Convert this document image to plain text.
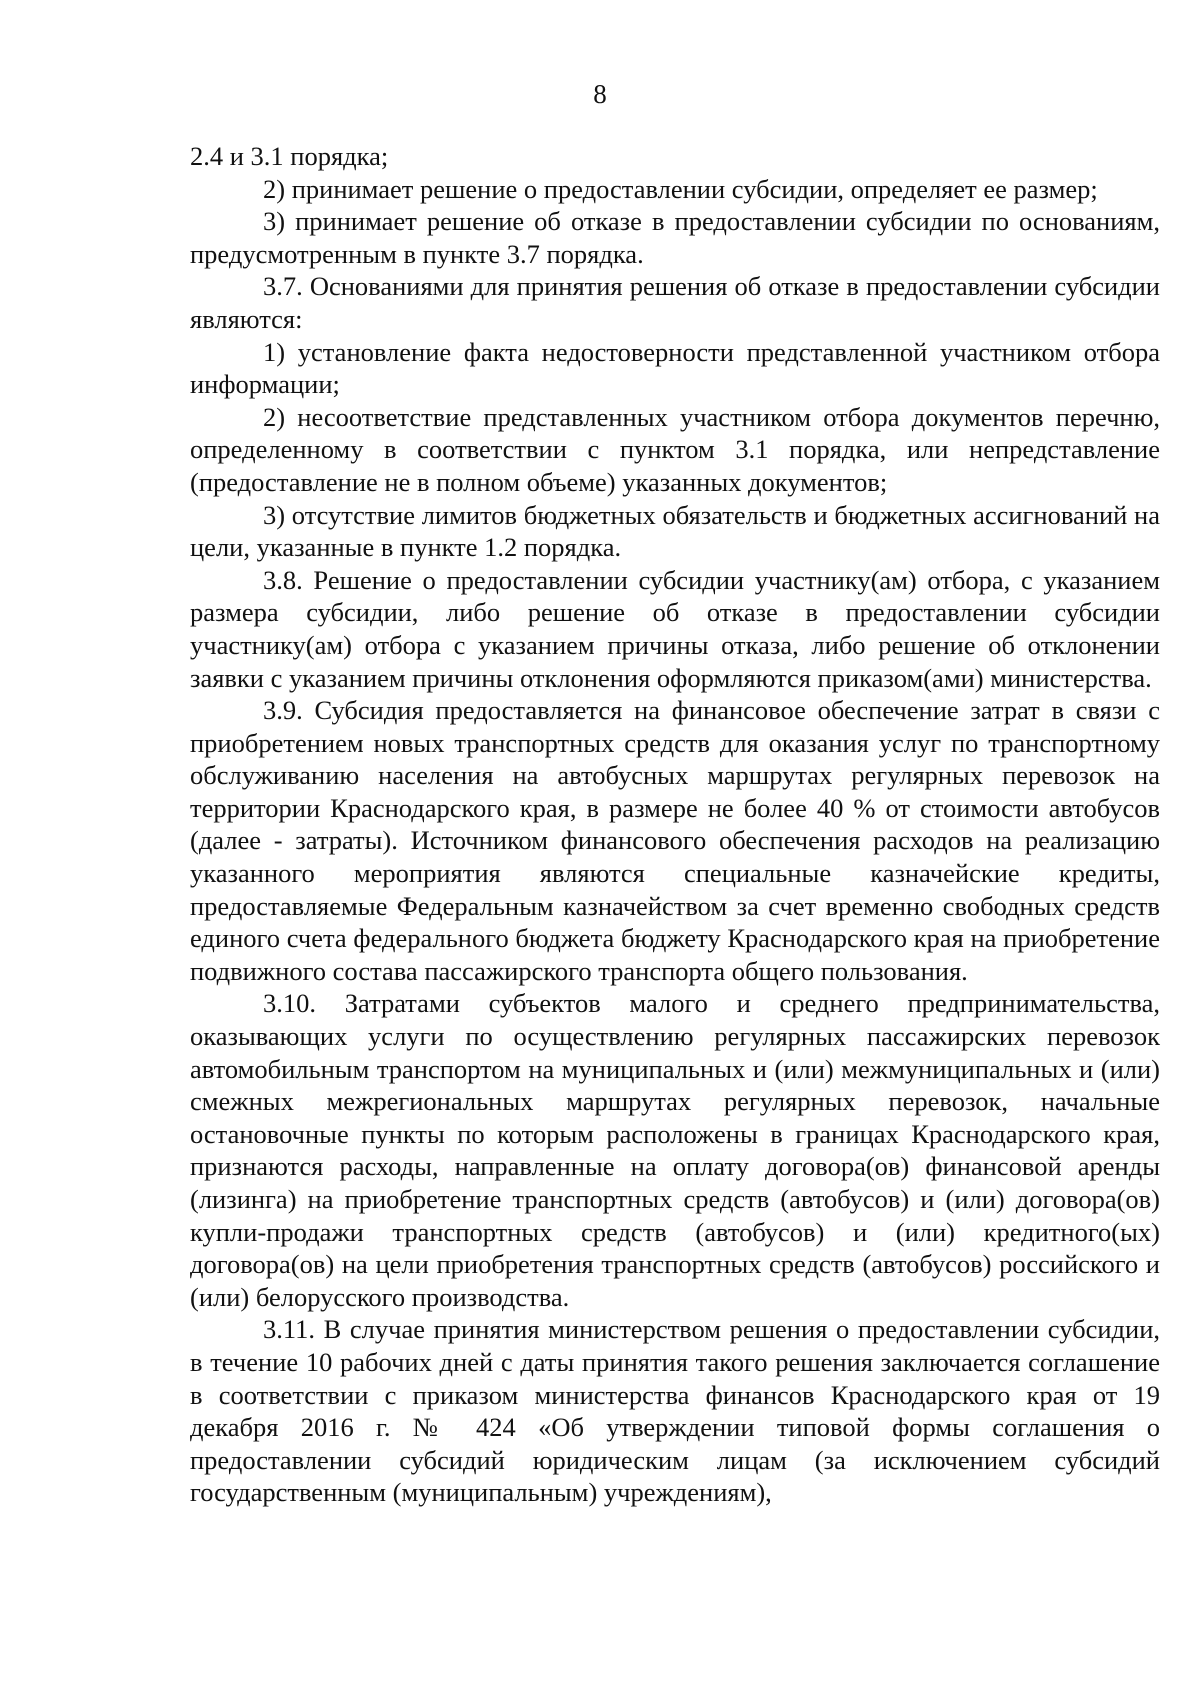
8

2.4 и 3.1 порядка;

2) принимает решение о предоставлении субсидии, определяет ее размер;

3) принимает решение об отказе в предоставлении субсидии по основаниям, предусмотренным в пункте 3.7 порядка.

3.7. Основаниями для принятия решения об отказе в предоставлении субсидии являются:

1) установление факта недостоверности представленной участником отбора информации;

2) несоответствие представленных участником отбора документов перечню, определенному в соответствии с пунктом 3.1 порядка, или непредставление (предоставление не в полном объеме) указанных документов;

3) отсутствие лимитов бюджетных обязательств и бюджетных ассигнований на цели, указанные в пункте 1.2 порядка.

3.8. Решение о предоставлении субсидии участнику(ам) отбора, с указанием размера субсидии, либо решение об отказе в предоставлении субсидии участнику(ам) отбора с указанием причины отказа, либо решение об отклонении заявки с указанием причины отклонения оформляются приказом(ами) министерства.

3.9. Субсидия предоставляется на финансовое обеспечение затрат в связи с приобретением новых транспортных средств для оказания услуг по транспортному обслуживанию населения на автобусных маршрутах регулярных перевозок на территории Краснодарского края, в размере не более 40 % от стоимости автобусов (далее - затраты). Источником финансового обеспечения расходов на реализацию указанного мероприятия являются специальные казначейские кредиты, предоставляемые Федеральным казначейством за счет временно свободных средств единого счета федерального бюджета бюджету Краснодарского края на приобретение подвижного состава пассажирского транспорта общего пользования.

3.10. Затратами субъектов малого и среднего предпринимательства, оказывающих услуги по осуществлению регулярных пассажирских перевозок автомобильным транспортом на муниципальных и (или) межмуниципальных и (или) смежных межрегиональных маршрутах регулярных перевозок, начальные остановочные пункты по которым расположены в границах Краснодарского края, признаются расходы, направленные на оплату договора(ов) финансовой аренды (лизинга) на приобретение транспортных средств (автобусов) и (или) договора(ов) купли-продажи транспортных средств (автобусов) и (или) кредитного(ых) договора(ов) на цели приобретения транспортных средств (автобусов) российского и (или) белорусского производства.

3.11. В случае принятия министерством решения о предоставлении субсидии, в течение 10 рабочих дней с даты принятия такого решения заключается соглашение в соответствии с приказом министерства финансов Краснодарского края от 19 декабря 2016 г. № 424 «Об утверждении типовой формы соглашения о предоставлении субсидий юридическим лицам (за исключением субсидий государственным (муниципальным) учреждениям),
